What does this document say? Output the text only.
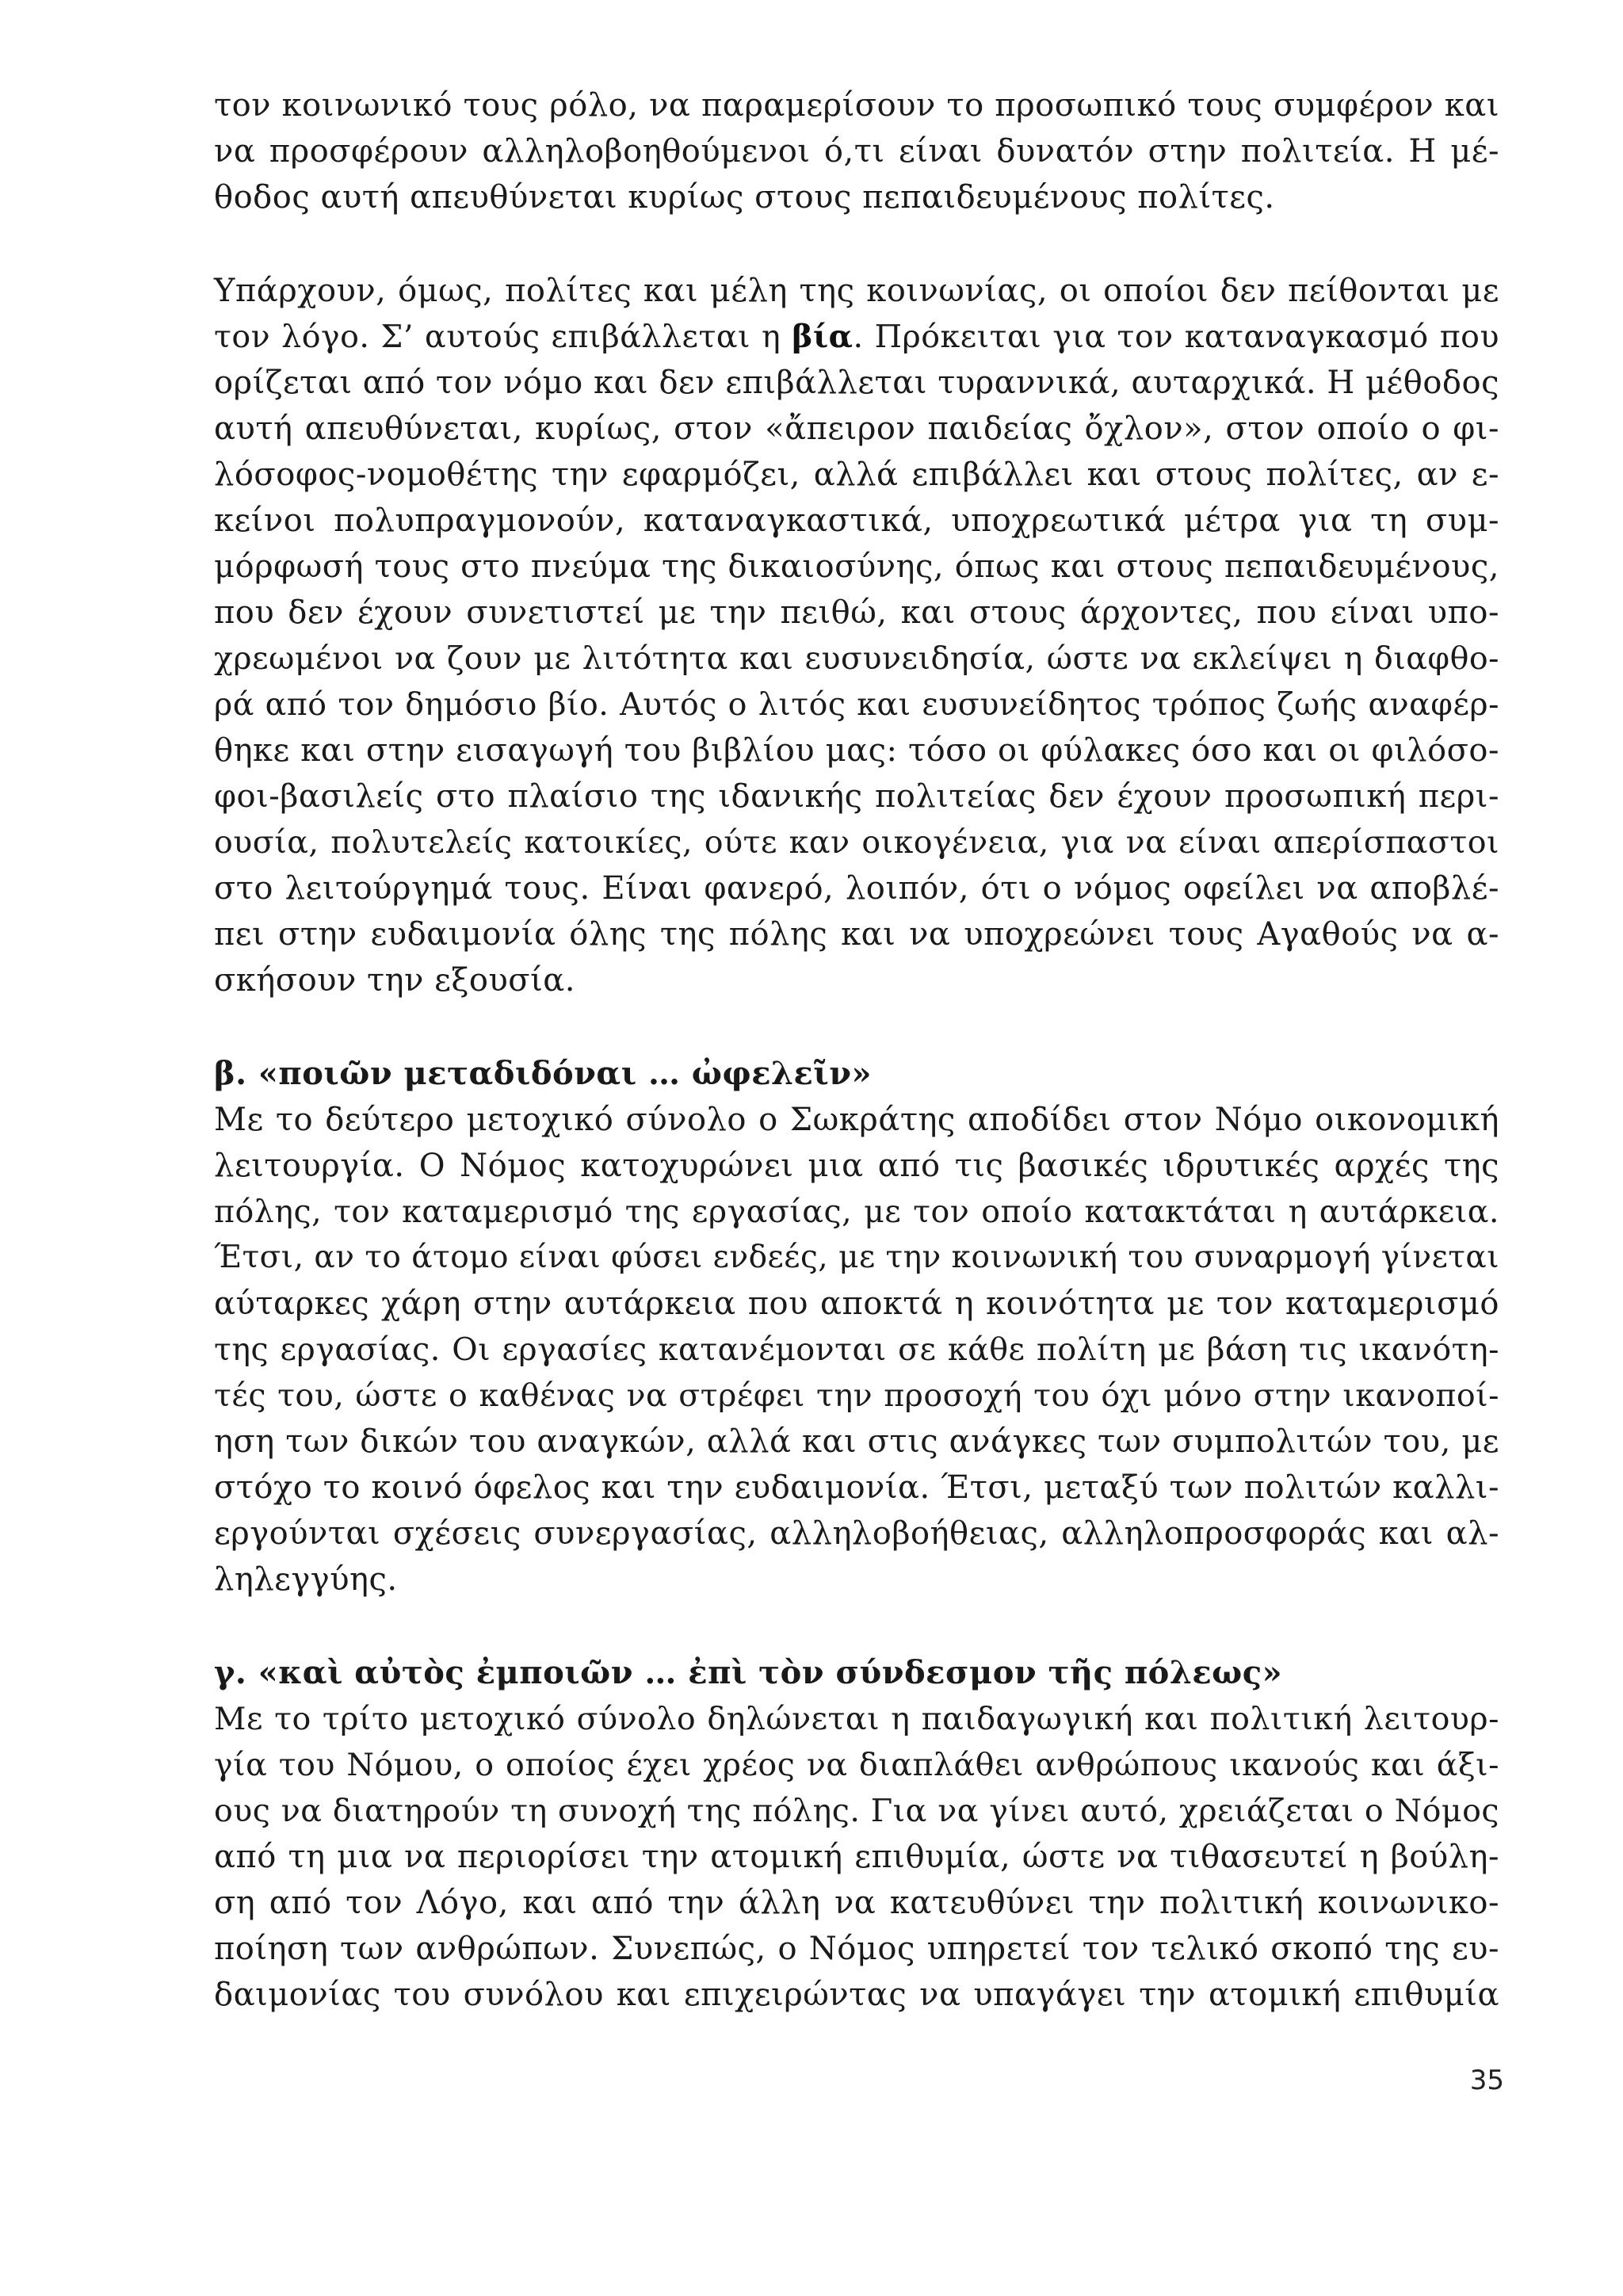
τον κοινωνικό τους ρόλο, να παραμερίσουν το προσωπικό τους συμφέρον και
να προσφέρουν αλληλοβοηθούμενοι ό,τι είναι δυνατόν στην πολιτεία. Η μέ-
θοδος αυτή απευθύνεται κυρίως στους πεπαιδευμένους πολίτες.
Υπάρχουν, όμως, πολίτες και μέλη της κοινωνίας, οι οποίοι δεν πείθονται με
τον λόγο. Σ’ αυτούς επιβάλλεται η βία. Πρόκειται για τον καταναγκασμό που
ορίζεται από τον νόμο και δεν επιβάλλεται τυραννικά, αυταρχικά. Η μέθοδος
αυτή απευθύνεται, κυρίως, στον «ἄπειρον παιδείας ὄχλον», στον οποίο ο φι-
λόσοφος-νομοθέτης την εφαρμόζει, αλλά επιβάλλει και στους πολίτες, αν ε-
κείνοι πολυπραγμονούν, καταναγκαστικά, υποχρεωτικά μέτρα για τη συμ-
μόρφωσή τους στο πνεύμα της δικαιοσύνης, όπως και στους πεπαιδευμένους,
που δεν έχουν συνετιστεί με την πειθώ, και στους άρχοντες, που είναι υπο-
χρεωμένοι να ζουν με λιτότητα και ευσυνειδησία, ώστε να εκλείψει η διαφθο-
ρά από τον δημόσιο βίο. Αυτός ο λιτός και ευσυνείδητος τρόπος ζωής αναφέρ-
θηκε και στην εισαγωγή του βιβλίου μας: τόσο οι φύλακες όσο και οι φιλόσο-
φοι-βασιλείς στο πλαίσιο της ιδανικής πολιτείας δεν έχουν προσωπική περι-
ουσία, πολυτελείς κατοικίες, ούτε καν οικογένεια, για να είναι απερίσπαστοι
στο λειτούργημά τους. Είναι φανερό, λοιπόν, ότι ο νόμος οφείλει να αποβλέ-
πει στην ευδαιμονία όλης της πόλης και να υποχρεώνει τους Αγαθούς να α-
σκήσουν την εξουσία.
β. «ποιῶν μεταδιδόναι … ὠφελεῖν»
Με το δεύτερο μετοχικό σύνολο ο Σωκράτης αποδίδει στον Νόμο οικονομική
λειτουργία. Ο Νόμος κατοχυρώνει μια από τις βασικές ιδρυτικές αρχές της
πόλης, τον καταμερισμό της εργασίας, με τον οποίο κατακτάται η αυτάρκεια.
Έτσι, αν το άτομο είναι φύσει ενδεές, με την κοινωνική του συναρμογή γίνεται
αύταρκες χάρη στην αυτάρκεια που αποκτά η κοινότητα με τον καταμερισμό
της εργασίας. Οι εργασίες κατανέμονται σε κάθε πολίτη με βάση τις ικανότη-
τές του, ώστε ο καθένας να στρέφει την προσοχή του όχι μόνο στην ικανοποί-
ηση των δικών του αναγκών, αλλά και στις ανάγκες των συμπολιτών του, με
στόχο το κοινό όφελος και την ευδαιμονία. Έτσι, μεταξύ των πολιτών καλλι-
εργούνται σχέσεις συνεργασίας, αλληλοβοήθειας, αλληλοπροσφοράς και αλ-
ληλεγγύης.
γ. «καὶ αὐτὸς ἐμποιῶν … ἐπὶ τὸν σύνδεσμον τῆς πόλεως»
Με το τρίτο μετοχικό σύνολο δηλώνεται η παιδαγωγική και πολιτική λειτουρ-
γία του Νόμου, ο οποίος έχει χρέος να διαπλάθει ανθρώπους ικανούς και άξι-
ους να διατηρούν τη συνοχή της πόλης. Για να γίνει αυτό, χρειάζεται ο Νόμος
από τη μια να περιορίσει την ατομική επιθυμία, ώστε να τιθασευτεί η βούλη-
ση από τον Λόγο, και από την άλλη να κατευθύνει την πολιτική κοινωνικο-
ποίηση των ανθρώπων. Συνεπώς, ο Νόμος υπηρετεί τον τελικό σκοπό της ευ-
δαιμονίας του συνόλου και επιχειρώντας να υπαγάγει την ατομική επιθυμία
35
